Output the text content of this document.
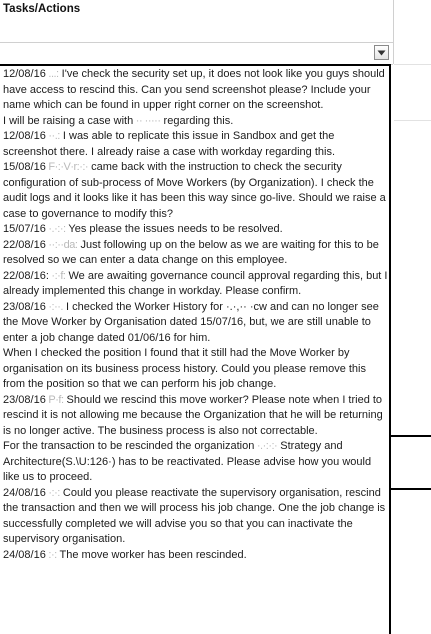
Tasks/Actions

12/08/16 ...: I've check the security set up, it does not look like you guys should have access to rescind this. Can you send screenshot please? Include your name which can be found in upper right corner on the screenshot.

I will be raising a case with ·· ····· regarding this.

12/08/16 ··.: I was able to replicate this issue in Sandbox and get the screenshot there. I already raise a case with workday regarding this.

15/08/16 F·:·V·r:·:· came back with the instruction to check the security configuration of sub-process of Move Workers (by Organization). I check the audit logs and it looks like it has been this way since go-live. Should we raise a case to governance to modify this?

15/07/16 ·.·:·: Yes please the issues needs to be resolved.

22/08/16 ··:··da: Just following up on the below as we are waiting for this to be resolved so we can enter a data change on this employee.

22/08/16: ·:·f: We are awaiting governance council approval regarding this, but I already implemented this change in workday. Please confirm.

23/08/16 ·:··. I checked the Worker History for ·.·,·· ·cw and can no longer see the Move Worker by Organisation dated 15/07/16, but, we are still unable to enter a job change dated 01/06/16 for him.

When I checked the position I found that it still had the Move Worker by organisation on its business process history. Could you please remove this from the position so that we can perform his job change.

23/08/16 P·f: Should we rescind this move worker? Please note when I tried to rescind it is not allowing me because the Organization that he will be returning is no longer active. The business process is also not correctable.

For the transaction to be rescinded the organization ·.·:·:· Strategy and Architecture(S.\U:126·) has to be reactivated. Please advise how you would like us to proceed.

24/08/16 ·:·: Could you please reactivate the supervisory organisation, rescind the transaction and then we will process his job change. One the job change is successfully completed we will advise you so that you can inactivate the supervisory organisation.

24/08/16 :·: The move worker has been rescinded.
